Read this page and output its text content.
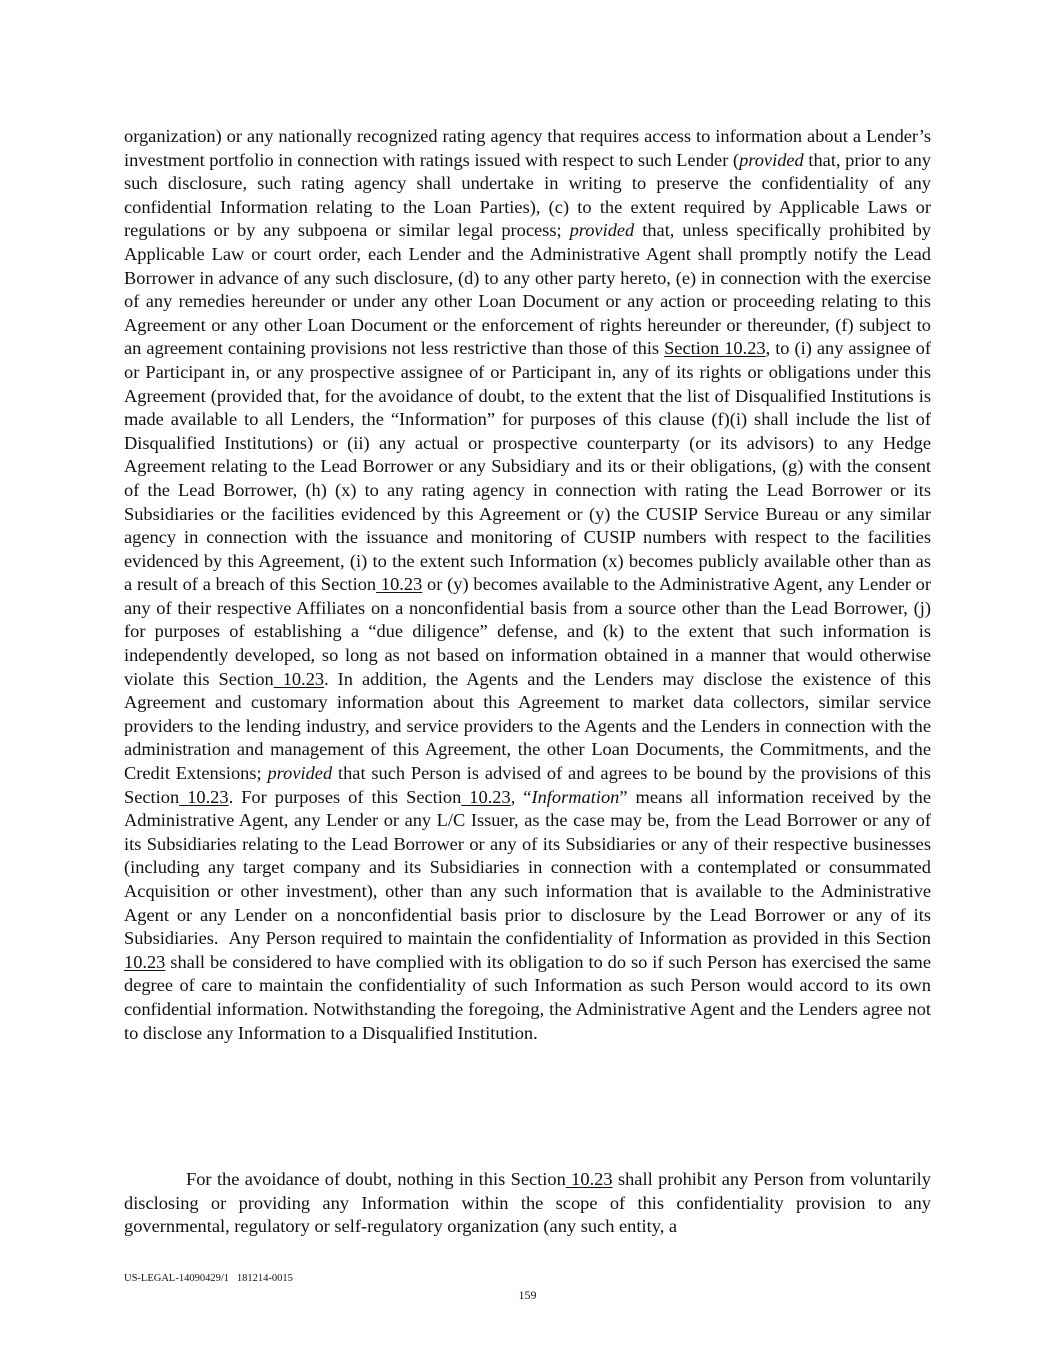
organization) or any nationally recognized rating agency that requires access to information about a Lender’s investment portfolio in connection with ratings issued with respect to such Lender (provided that, prior to any such disclosure, such rating agency shall undertake in writing to preserve the confidentiality of any confidential Information relating to the Loan Parties), (c) to the extent required by Applicable Laws or regulations or by any subpoena or similar legal process; provided that, unless specifically prohibited by Applicable Law or court order, each Lender and the Administrative Agent shall promptly notify the Lead Borrower in advance of any such disclosure, (d) to any other party hereto, (e) in connection with the exercise of any remedies hereunder or under any other Loan Document or any action or proceeding relating to this Agreement or any other Loan Document or the enforcement of rights hereunder or thereunder, (f) subject to an agreement containing provisions not less restrictive than those of this Section 10.23, to (i) any assignee of or Participant in, or any prospective assignee of or Participant in, any of its rights or obligations under this Agreement (provided that, for the avoidance of doubt, to the extent that the list of Disqualified Institutions is made available to all Lenders, the “Information” for purposes of this clause (f)(i) shall include the list of Disqualified Institutions) or (ii) any actual or prospective counterparty (or its advisors) to any Hedge Agreement relating to the Lead Borrower or any Subsidiary and its or their obligations, (g) with the consent of the Lead Borrower, (h) (x) to any rating agency in connection with rating the Lead Borrower or its Subsidiaries or the facilities evidenced by this Agreement or (y) the CUSIP Service Bureau or any similar agency in connection with the issuance and monitoring of CUSIP numbers with respect to the facilities evidenced by this Agreement, (i) to the extent such Information (x) becomes publicly available other than as a result of a breach of this Section 10.23 or (y) becomes available to the Administrative Agent, any Lender or any of their respective Affiliates on a nonconfidential basis from a source other than the Lead Borrower, (j) for purposes of establishing a “due diligence” defense, and (k) to the extent that such information is independently developed, so long as not based on information obtained in a manner that would otherwise violate this Section 10.23. In addition, the Agents and the Lenders may disclose the existence of this Agreement and customary information about this Agreement to market data collectors, similar service providers to the lending industry, and service providers to the Agents and the Lenders in connection with the administration and management of this Agreement, the other Loan Documents, the Commitments, and the Credit Extensions; provided that such Person is advised of and agrees to be bound by the provisions of this Section 10.23. For purposes of this Section 10.23, “Information” means all information received by the Administrative Agent, any Lender or any L/C Issuer, as the case may be, from the Lead Borrower or any of its Subsidiaries relating to the Lead Borrower or any of its Subsidiaries or any of their respective businesses (including any target company and its Subsidiaries in connection with a contemplated or consummated Acquisition or other investment), other than any such information that is available to the Administrative Agent or any Lender on a nonconfidential basis prior to disclosure by the Lead Borrower or any of its Subsidiaries.  Any Person required to maintain the confidentiality of Information as provided in this Section 10.23 shall be considered to have complied with its obligation to do so if such Person has exercised the same degree of care to maintain the confidentiality of such Information as such Person would accord to its own confidential information. Notwithstanding the foregoing, the Administrative Agent and the Lenders agree not to disclose any Information to a Disqualified Institution.

For the avoidance of doubt, nothing in this Section 10.23 shall prohibit any Person from voluntarily disclosing or providing any Information within the scope of this confidentiality provision to any governmental, regulatory or self-regulatory organization (any such entity, a

US-LEGAL-14090429/1   181214-0015

159
